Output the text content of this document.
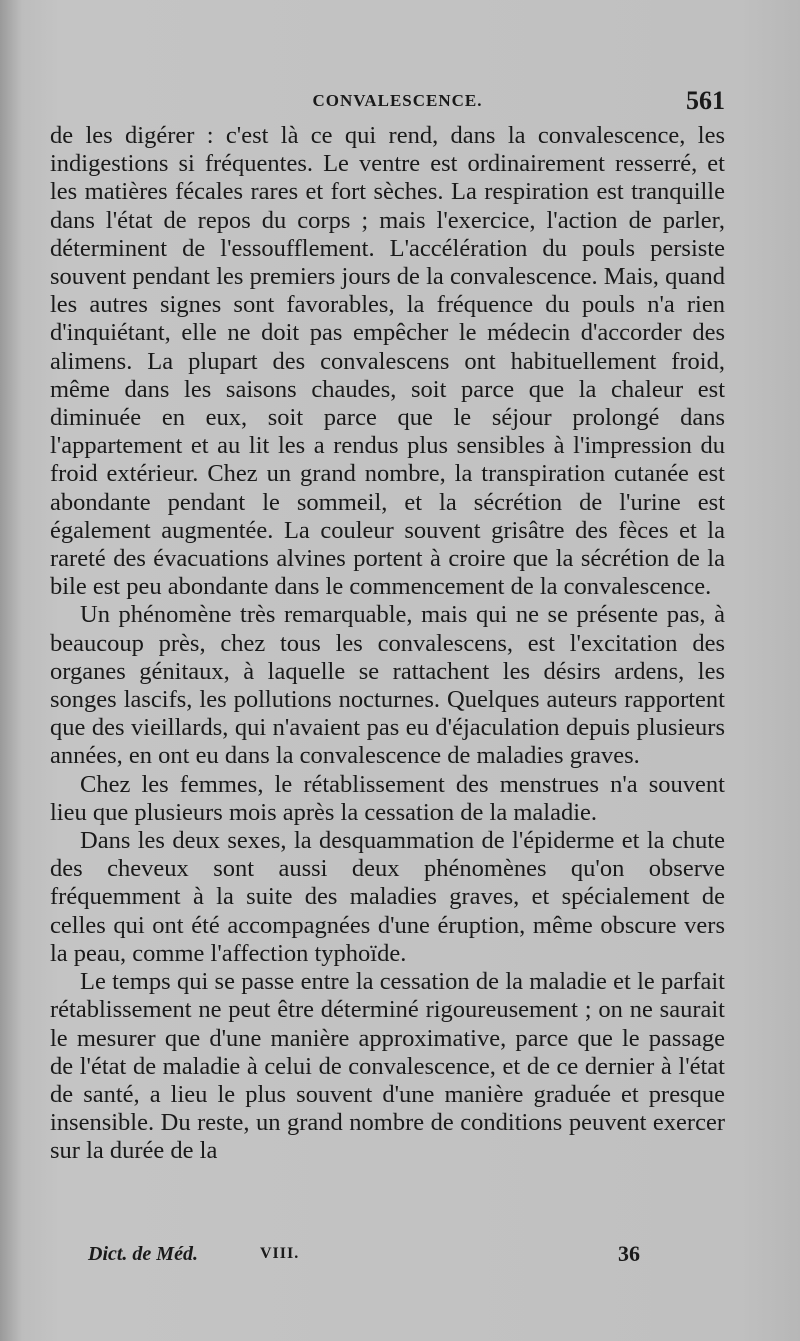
CONVALESCENCE.	561

de les digérer : c'est là ce qui rend, dans la convalescence, les indigestions si fréquentes. Le ventre est ordinairement resserré, et les matières fécales rares et fort sèches. La respiration est tranquille dans l'état de repos du corps ; mais l'exercice, l'action de parler, déterminent de l'essoufflement. L'accélération du pouls persiste souvent pendant les premiers jours de la convalescence. Mais, quand les autres signes sont favorables, la fréquence du pouls n'a rien d'inquiétant, elle ne doit pas empêcher le médecin d'accorder des alimens. La plupart des convalescens ont habituellement froid, même dans les saisons chaudes, soit parce que la chaleur est diminuée en eux, soit parce que le séjour prolongé dans l'appartement et au lit les a rendus plus sensibles à l'impression du froid extérieur. Chez un grand nombre, la transpiration cutanée est abondante pendant le sommeil, et la sécrétion de l'urine est également augmentée. La couleur souvent grisâtre des fèces et la rareté des évacuations alvines portent à croire que la sécrétion de la bile est peu abondante dans le commencement de la convalescence.

Un phénomène très remarquable, mais qui ne se présente pas, à beaucoup près, chez tous les convalescens, est l'excitation des organes génitaux, à laquelle se rattachent les désirs ardens, les songes lascifs, les pollutions nocturnes. Quelques auteurs rapportent que des vieillards, qui n'avaient pas eu d'éjaculation depuis plusieurs années, en ont eu dans la convalescence de maladies graves.

Chez les femmes, le rétablissement des menstrues n'a souvent lieu que plusieurs mois après la cessation de la maladie.

Dans les deux sexes, la desquammation de l'épiderme et la chute des cheveux sont aussi deux phénomènes qu'on observe fréquemment à la suite des maladies graves, et spécialement de celles qui ont été accompagnées d'une éruption, même obscure vers la peau, comme l'affection typhoïde.

Le temps qui se passe entre la cessation de la maladie et le parfait rétablissement ne peut être déterminé rigoureusement ; on ne saurait le mesurer que d'une manière approximative, parce que le passage de l'état de maladie à celui de convalescence, et de ce dernier à l'état de santé, a lieu le plus souvent d'une manière graduée et presque insensible. Du reste, un grand nombre de conditions peuvent exercer sur la durée de la

Dict. de Méd.	VIII.	36
